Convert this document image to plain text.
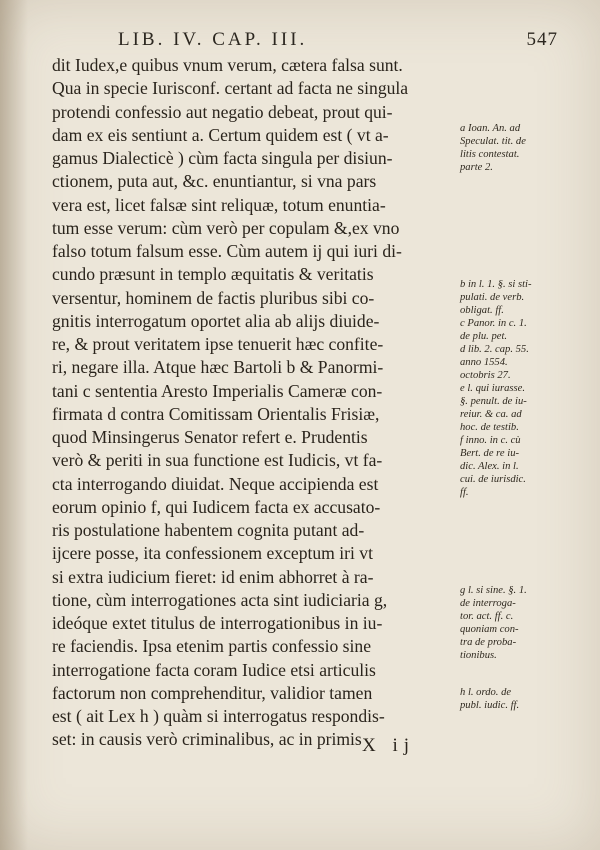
LIB. IV. CAP. III.	547
dit Iudex,e quibus vnum verum, cætera falsa sunt.
Qua in specie Iurisconf. certant ad facta ne singula
protendi confessio aut negatio debeat, prout qui-
dam ex eis sentiunt a. Certum quidem est ( vt a-
gamus Dialecticè ) cùm facta singula per disiun-
ctionem, puta aut, &c. enuntiantur, si vna pars
vera est, licet falsæ sint reliquæ, totum enuntia-
tum esse verum: cùm verò per copulam &,ex vno
falso totum falsum esse. Cùm autem ij qui iuri di-
cundo præsunt in templo æquitatis & veritatis
versentur, hominem de factis pluribus sibi co-
gnitis interrogatum oportet alia ab alijs diuide-
re, & prout veritatem ipse tenuerit hæc confite-
ri, negare illa. Atque hæc Bartoli b & Panormi-
tani c sententia Aresto Imperialis Cameræ con-
firmata d contra Comitissam Orientalis Frisiæ,
quod Minsingerus Senator refert e. Prudentis
verò & periti in sua functione est Iudicis, vt fa-
cta interrogando diuidat. Neque accipienda est
eorum opinio f, qui Iudicem facta ex accusato-
ris postulatione habentem cognita putant ad-
ijcere posse, ita confessionem exceptum iri vt
si extra iudicium fieret: id enim abhorret à ra-
tione, cùm interrogationes acta sint iudiciaria g,
ideóque extet titulus de interrogationibus in iu-
re faciendis. Ipsa etenim partis confessio sine
interrogatione facta coram Iudice etsi articulis
factorum non comprehenditur, validior tamen
est ( ait Lex h ) quàm si interrogatus respondis-
set: in causis verò criminalibus, ac in primis
a Ioan. An. ad
Speculat. tit. de
litis contestat.
parte 2.
b in l. 1. §. si sti-
pulati. de verb.
obligat. ff.
c Panor. in c. 1.
de plu. pet.
d lib. 2. cap. 55.
anno 1554.
octobris 27.
e l. qui iurasse.
§. penult. de iu-
reiur. & ca. ad
hoc. de testib.
f inno. in c. cù
Bert. de re iu-
dic. Alex. in l.
cui. de iurisdic.
ff.
g l. si sine. §. 1.
de interroga-
tor. act. ff. c.
quoniam con-
tra de proba-
tionibus.
h l. ordo. de
publ. iudic. ff.
X ij
